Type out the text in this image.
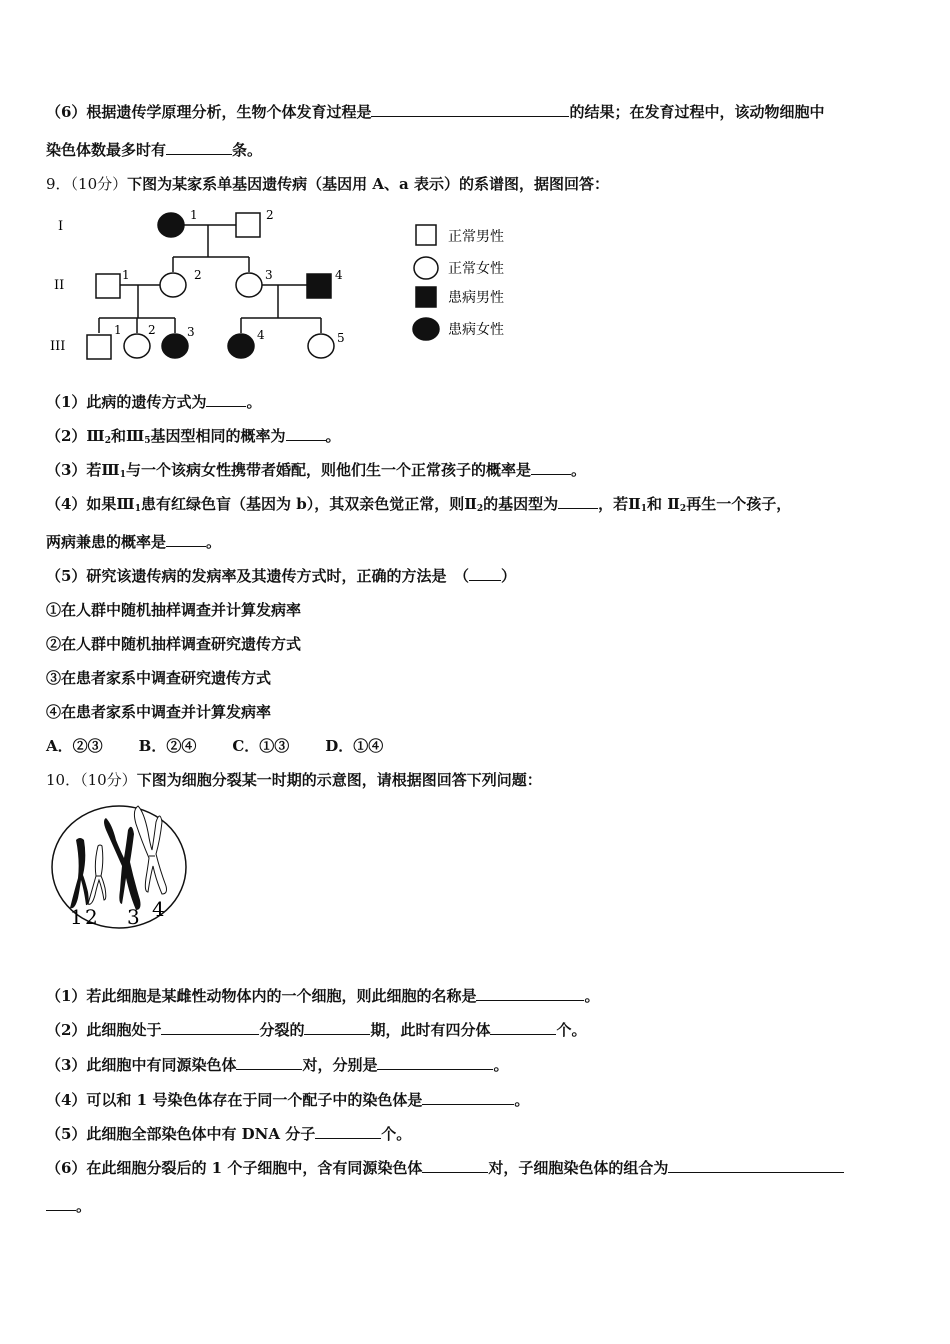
（6）根据遗传学原理分析，生物个体发育过程是	的结果；在发育过程中，该动物细胞中
染色体数最多时有	条。
9．（10分）下图为某家系单基因遗传病（基因用 A、a 表示）的系谱图，据图回答：
I
II
III
1	2
1	2	3	4
1 2	3	4	5
正常男性
正常女性
患病男性
患病女性
（1）此病的遗传方式为	。
$(2)Ⅲ_2$和$Ⅲ_5$基因型相同的概率为	。
（3）若$Ⅲ_1$与一个该病女性携带者婚配，则他们生一个正常孩子的概率是	。
（4）如果$Ⅲ_1$患有红绿色盲（基因为 b），其双亲色觉正常，则$Ⅱ_2$的基因型为	，若$Ⅱ_1$和 $Ⅱ_2$再生一个孩子，
两病兼患的概率是	。
（5）研究该遗传病的发病率及其遗传方式时，正确的方法是　（ ）
①在人群中随机抽样调查并计算发病率
②在人群中随机抽样调查研究遗传方式
③在患者家系中调查研究遗传方式
④在患者家系中调查并计算发病率
A．②③ B．②④ C．①③ D．①④
10．（10分）下图为细胞分裂某一时期的示意图，请根据图回答下列问题：
1 2 3 4
（1）若此细胞是某雌性动物体内的一个细胞，则此细胞的名称是	。
（2）此细胞处于	分裂的	期，此时有四分体	个。
（3）此细胞中有同源染色体	对，分别是	。
（4）可以和 1 号染色体存在于同一个配子中的染色体是	。
（5）此细胞全部染色体中有 DNA 分子	个。
（6）在此细胞分裂后的 1 个子细胞中，含有同源染色体	对，子细胞染色体的组合为
。
